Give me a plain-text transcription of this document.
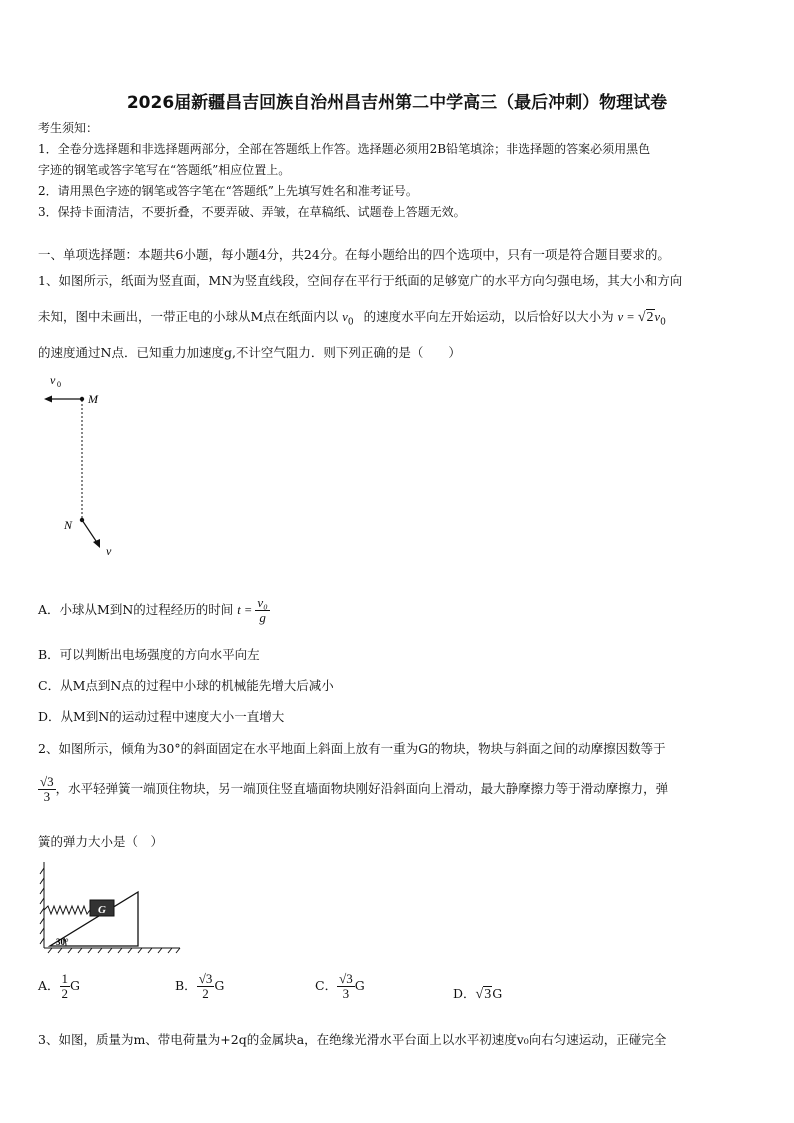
2026届新疆昌吉回族自治州昌吉州第二中学高三（最后冲刺）物理试卷
考生须知：
1．全卷分选择题和非选择题两部分，全部在答题纸上作答。选择题必须用2B铅笔填涂；非选择题的答案必须用黑色
字迹的钢笔或答字笔写在“答题纸”相应位置上。
2．请用黑色字迹的钢笔或答字笔在“答题纸”上先填写姓名和准考证号。
3．保持卡面清洁，不要折叠，不要弄破、弄皱，在草稿纸、试题卷上答题无效。
一、单项选择题：本题共6小题，每小题4分，共24分。在每小题给出的四个选项中，只有一项是符合题目要求的。
1、如图所示，纸面为竖直面，MN为竖直线段，空间存在平行于纸面的足够宽广的水平方向匀强电场，其大小和方向
未知，图中未画出，一带正电的小球从M点在纸面内以 $v_0$ 的速度水平向左开始运动，以后恰好以大小为 $v = √2v_0$
的速度通过N点．已知重力加速度g,不计空气阻力．则下列正确的是（　　）
v 0
M
N
v
A．小球从M到N的过程经历的时间 $t = \frac{\text{v₀}}{g}$
B．可以判断出电场强度的方向水平向左
C．从M点到N点的过程中小球的机械能先增大后减小
D．从M到N的运动过程中速度大小一直增大
2、如图所示，倾角为30°的斜面固定在水平地面上斜面上放有一重为G的物块，物块与斜面之间的动摩擦因数等于
$\frac{√3}{3}$ ，水平轻弹簧一端顶住物块，另一端顶住竖直墙面物块刚好沿斜面向上滑动，最大静摩擦力等于滑动摩擦力，弹
簧的弹力大小是（　）
G
30°
A． $\frac{1}{2}$ G	B． $\frac{√3}{2}$ G	C． $\frac{√3}{3}$ G
D．√3G
3、如图，质量为m、带电荷量为+2q的金属块a，在绝缘光滑水平台面上以水平初速度v₀向右匀速运动，正碰完全
